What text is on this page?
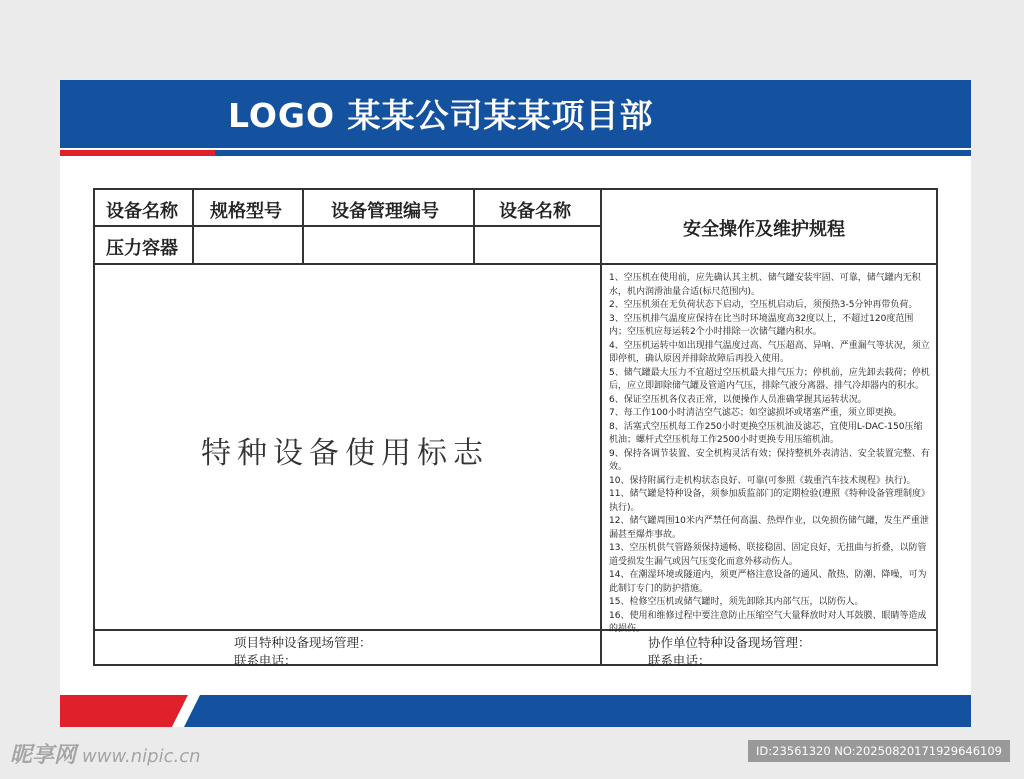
LOGO 某某公司某某项目部
设备名称 规格型号	设备管理编号	设备名称
压力容器
安全操作及维护规程
特种设备使用标志
1、空压机在使用前，应先确认其主机、储气罐安装牢固、可靠，储气罐内无积水，机内润滑油量合适(标尺范围内)。
2、空压机须在无负荷状态下启动，空压机启动后，须预热3-5分钟再带负荷。
3、空压机排气温度应保持在比当时环境温度高32度以上，不超过120度范围内；空压机应每运转2个小时排除一次储气罐内积水。
4、空压机运转中如出现排气温度过高、气压超高、异响、严重漏气等状况，须立即停机，确认原因并排除故障后再投入使用。
5、储气罐最大压力不宜超过空压机最大排气压力；停机前，应先卸去载荷；停机后，应立即卸除储气罐及管道内气压，排除气液分离器、排气冷却器内的积水。
6、保证空压机各仪表正常，以便操作人员准确掌握其运转状况。
7、每工作100小时清洁空气滤芯；如空滤损坏或堵塞严重，须立即更换。
8、活塞式空压机每工作250小时更换空压机油及滤芯，宜使用L-DAC-150压缩机油；螺杆式空压机每工作2500小时更换专用压缩机油。
9、保持各调节装置、安全机构灵活有效；保持整机外表清洁、安全装置完整、有效。
10、保持附属行走机构状态良好、可靠(可参照《载重汽车技术规程》执行)。
11、储气罐是特种设备，须参加质监部门的定期检验(遵照《特种设备管理制度》执行)。
12、储气罐周围10米内严禁任何高温、热焊作业，以免损伤储气罐，发生严重泄漏甚至爆炸事故。
13、空压机供气管路须保持通畅、联接稳固、固定良好，无扭曲与折叠，以防管道受损发生漏气或因气压变化而意外移动伤人。
14、在潮湿环境或隧道内，须更严格注意设备的通风、散热、防潮、降噪，可为此制订专门的防护措施。
15、检修空压机或储气罐时，须先卸除其内部气压，以防伤人。
16、使用和维修过程中要注意防止压缩空气大量释放时对人耳鼓膜、眼睛等造成的损伤。
项目特种设备现场管理：
联系电话：
协作单位特种设备现场管理：
联系电话：
昵享网 www.nipic.cn	ID:23561320 NO:20250820171929646109
